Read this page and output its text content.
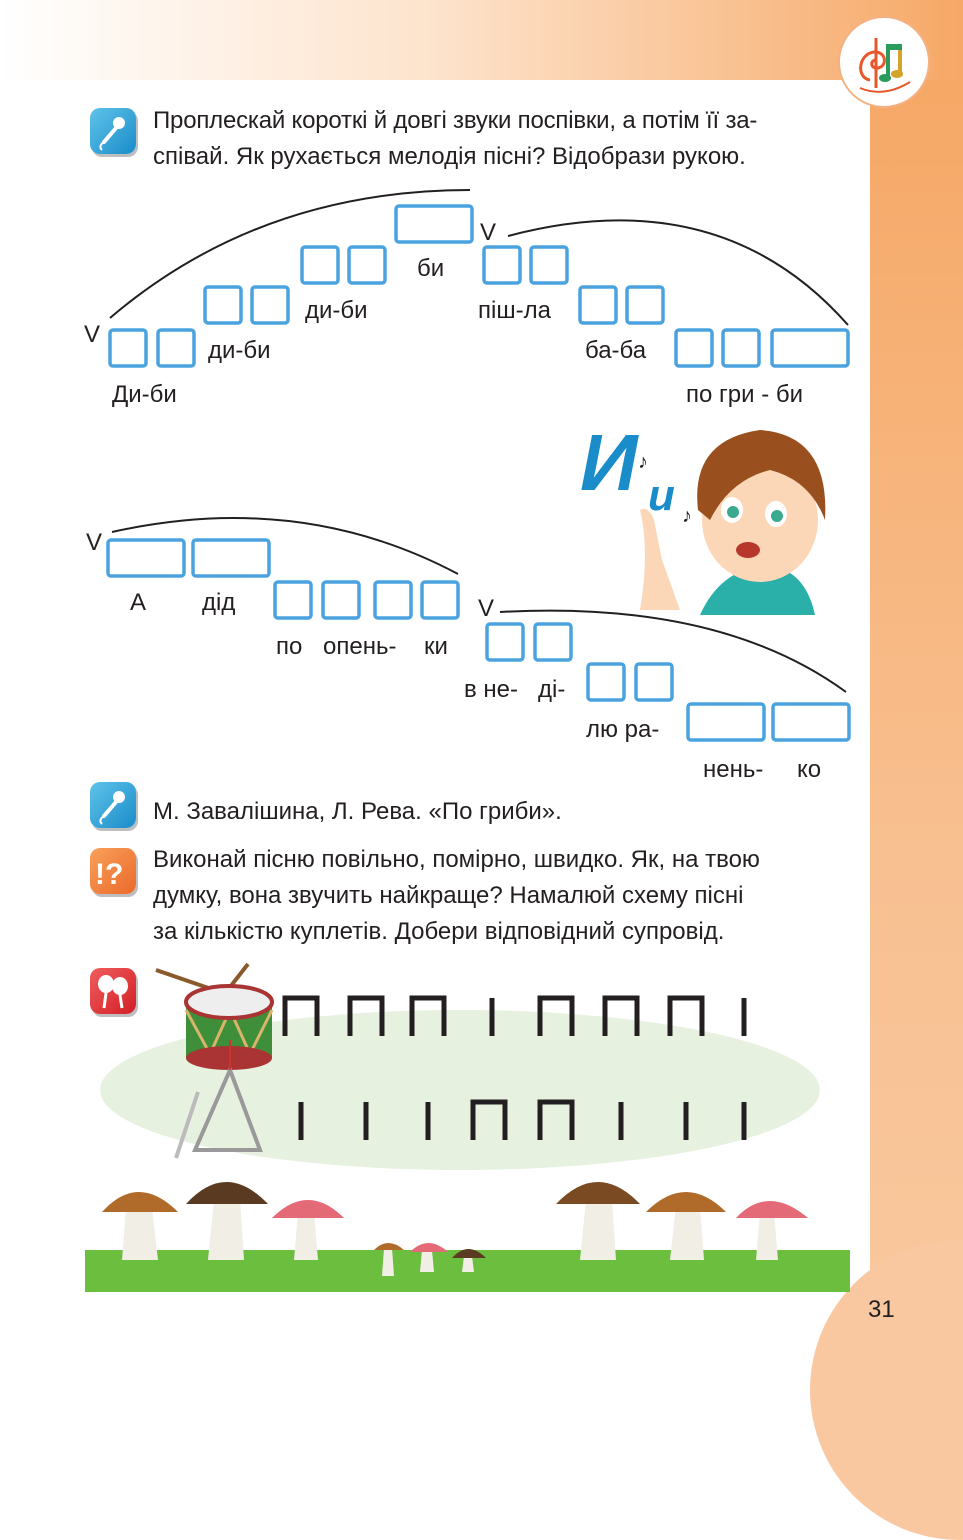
Проплескай короткі й довгі звуки поспівки, а потім її за-
співай. Як рухається мелодія пісні? Відобрази рукою.
V
V
Ди-би
ди-би
ди-би
би
піш-ла
ба-ба
по гри - би
И и
♪
♪
V
V
А дід
по опень- ки
в не- ді-
лю ра-
нень- ко
М. Завалішина, Л. Рева. «По гриби».
!? Виконай пісню повільно, помірно, швидко. Як, на твою
думку, вона звучить найкраще? Намалюй схему пісні
за кількістю куплетів. Добери відповідний супровід.
31
